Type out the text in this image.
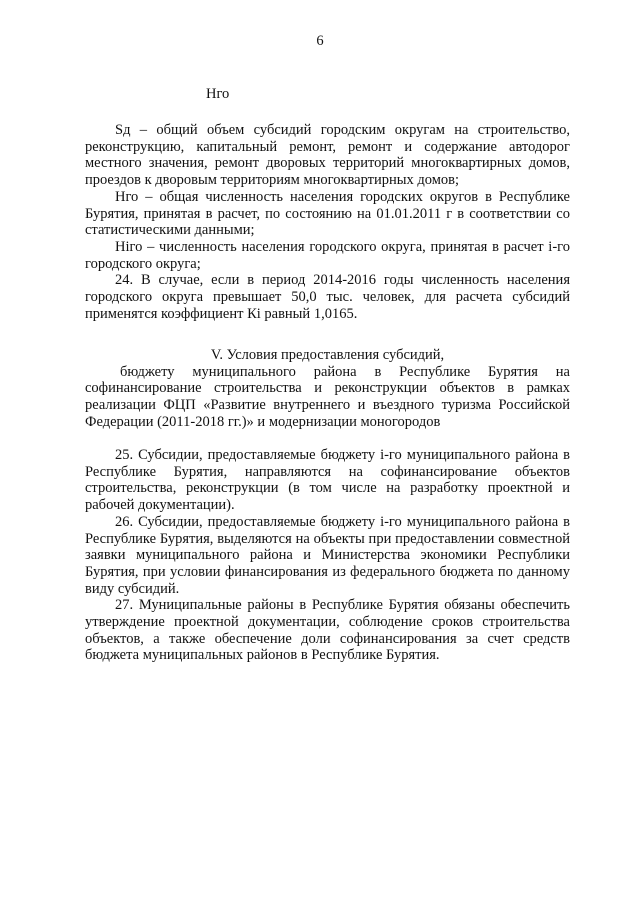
6
Нго

Sд – общий объем субсидий городским округам на строительство, реконструкцию, капитальный ремонт, ремонт и содержание автодорог местного значения, ремонт дворовых территорий многоквартирных домов, проездов к дворовым территориям многоквартирных домов;

Нго – общая численность населения городских округов в Республике Бурятия, принятая в расчет, по состоянию на 01.01.2011 г в соответствии со статистическими данными;

Нiго – численность населения городского округа, принятая в расчет i-го городского округа;

24. В случае, если в период 2014-2016 годы численность населения городского округа превышает 50,0 тыс. человек, для расчета субсидий применятся коэффициент Кi равный 1,0165.

V. Условия предоставления субсидий,
бюджету муниципального района в Республике Бурятия на софинансирование строительства и реконструкции объектов в рамках реализации ФЦП «Развитие внутреннего и въездного туризма Российской Федерации (2011-2018 гг.)» и модернизации моногородов

25. Субсидии, предоставляемые бюджету i-го муниципального района в Республике Бурятия, направляются на софинансирование объектов строительства, реконструкции (в том числе на разработку проектной и рабочей документации).

26. Субсидии, предоставляемые бюджету i-го муниципального района в Республике Бурятия, выделяются на объекты при предоставлении совместной заявки муниципального района и Министерства экономики Республики Бурятия, при условии финансирования из федерального бюджета по данному виду субсидий.

27. Муниципальные районы в Республике Бурятия обязаны обеспечить утверждение проектной документации, соблюдение сроков строительства объектов, а также обеспечение доли софинансирования за счет средств бюджета муниципальных районов в Республике Бурятия.
